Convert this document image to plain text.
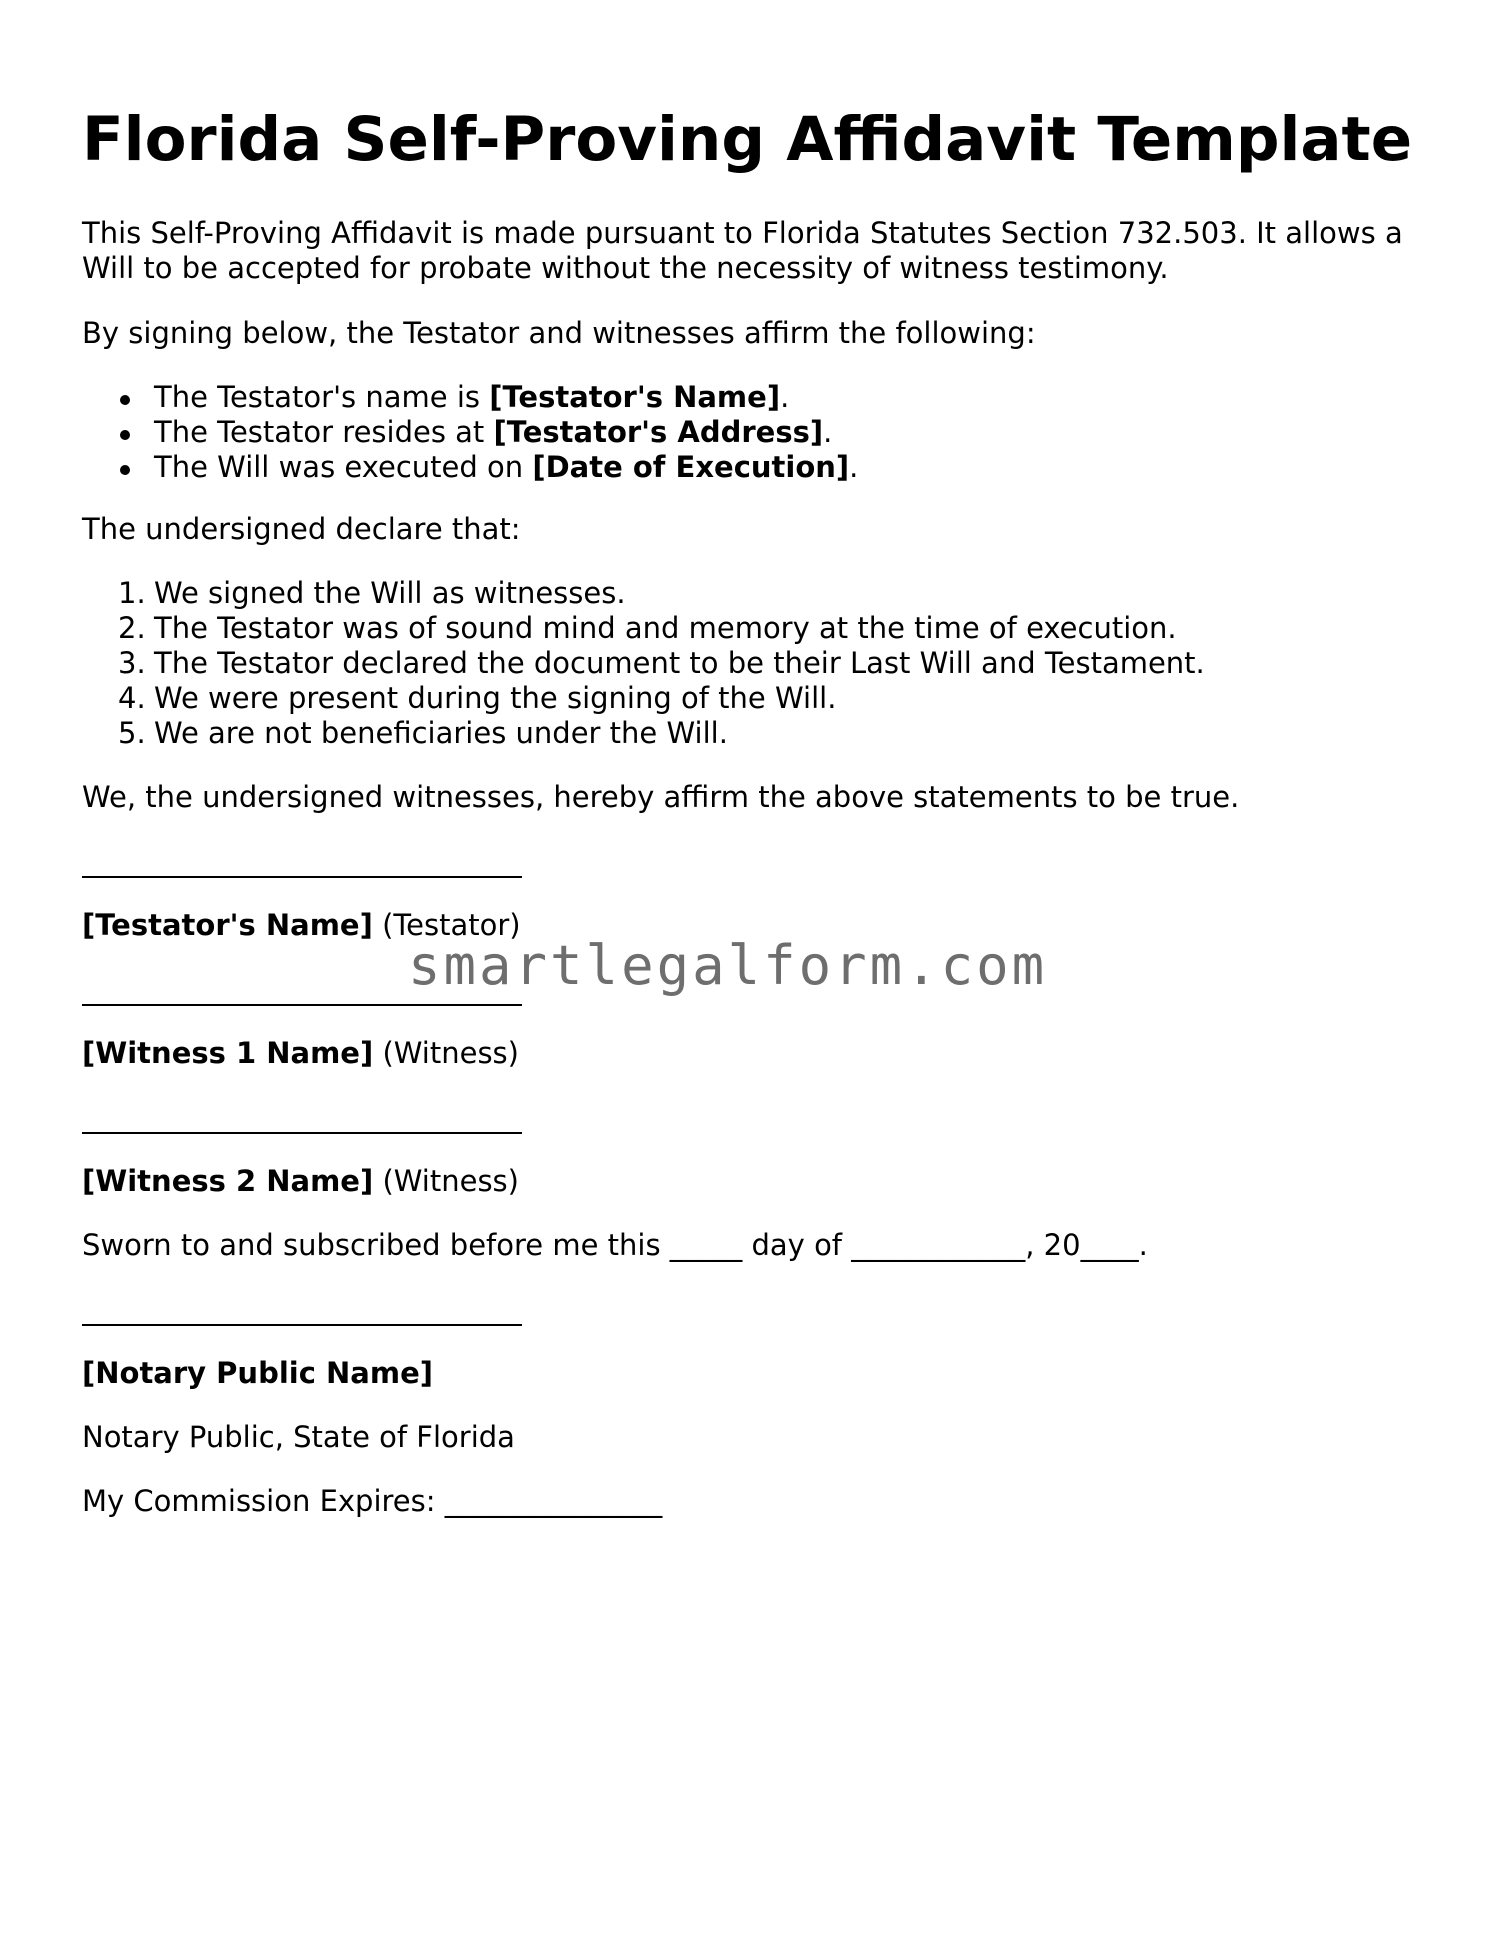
Florida Self-Proving Affidavit Template

This Self-Proving Affidavit is made pursuant to Florida Statutes Section 732.503. It allows a
Will to be accepted for probate without the necessity of witness testimony.

By signing below, the Testator and witnesses affirm the following:

The Testator's name is [Testator's Name].
The Testator resides at [Testator's Address].
The Will was executed on [Date of Execution].

The undersigned declare that:

1. We signed the Will as witnesses.
2. The Testator was of sound mind and memory at the time of execution.
3. The Testator declared the document to be their Last Will and Testament.
4. We were present during the signing of the Will.
5. We are not beneficiaries under the Will.

We, the undersigned witnesses, hereby affirm the above statements to be true.

[Testator's Name] (Testator)

[Witness 1 Name] (Witness)

[Witness 2 Name] (Witness)

Sworn to and subscribed before me this _____ day of ____________, 20____.

[Notary Public Name]

Notary Public, State of Florida

My Commission Expires: _______________

smartlegalform.com
